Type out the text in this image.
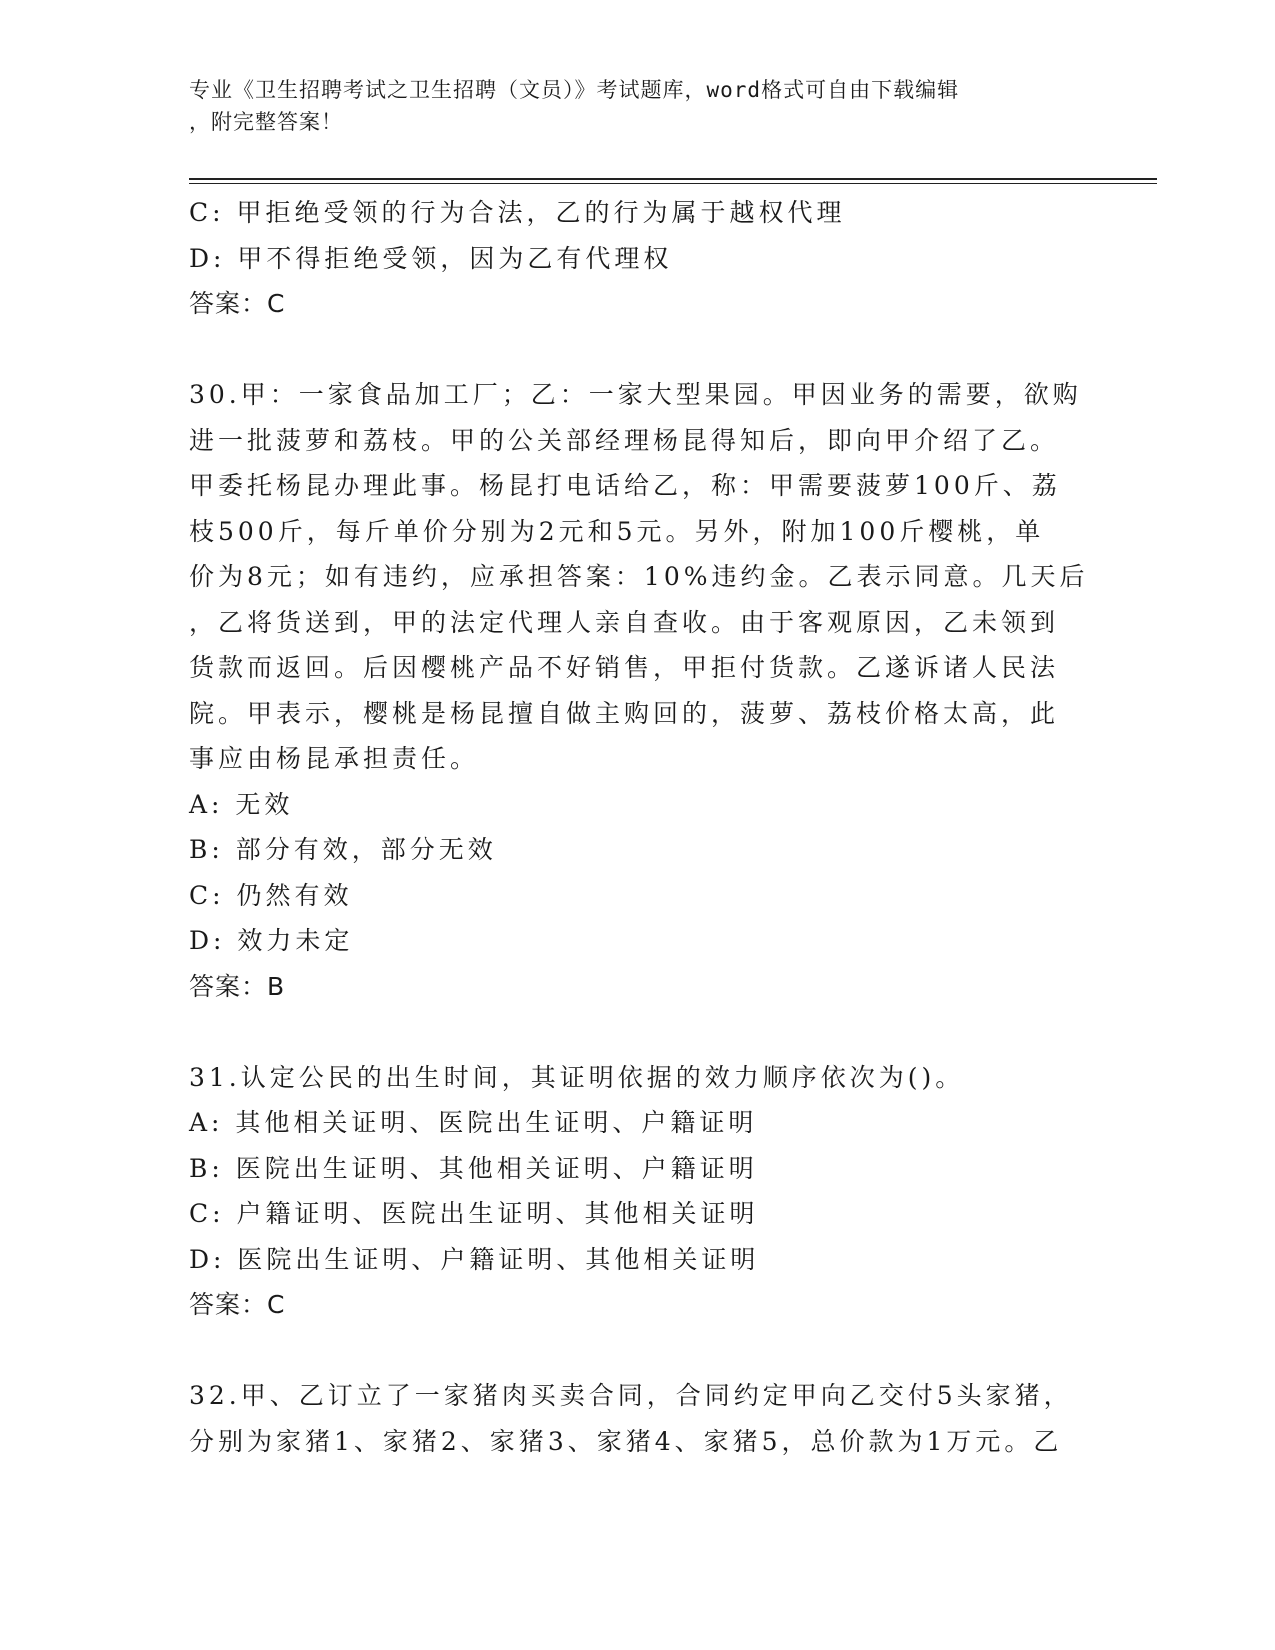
专业《卫生招聘考试之卫生招聘（文员）》考试题库，word格式可自由下载编辑
，附完整答案！
C: 甲拒绝受领的行为合法，乙的行为属于越权代理
D: 甲不得拒绝受领，因为乙有代理权
答案：C
30.甲：一家食品加工厂；乙：一家大型果园。甲因业务的需要，欲购
进一批菠萝和荔枝。甲的公关部经理杨昆得知后，即向甲介绍了乙。
甲委托杨昆办理此事。杨昆打电话给乙，称：甲需要菠萝100斤、荔
枝500斤，每斤单价分别为2元和5元。另外，附加100斤樱桃，单
价为8元；如有违约，应承担答案：10%违约金。乙表示同意。几天后
，乙将货送到，甲的法定代理人亲自查收。由于客观原因，乙未领到
货款而返回。后因樱桃产品不好销售，甲拒付货款。乙遂诉诸人民法
院。甲表示，樱桃是杨昆擅自做主购回的，菠萝、荔枝价格太高，此
事应由杨昆承担责任。
A: 无效
B: 部分有效，部分无效
C: 仍然有效
D: 效力未定
答案：B
31.认定公民的出生时间，其证明依据的效力顺序依次为()。
A: 其他相关证明、医院出生证明、户籍证明
B: 医院出生证明、其他相关证明、户籍证明
C: 户籍证明、医院出生证明、其他相关证明
D: 医院出生证明、户籍证明、其他相关证明
答案：C
32.甲、乙订立了一家猪肉买卖合同，合同约定甲向乙交付5头家猪，
分别为家猪1、家猪2、家猪3、家猪4、家猪5，总价款为1万元。乙
